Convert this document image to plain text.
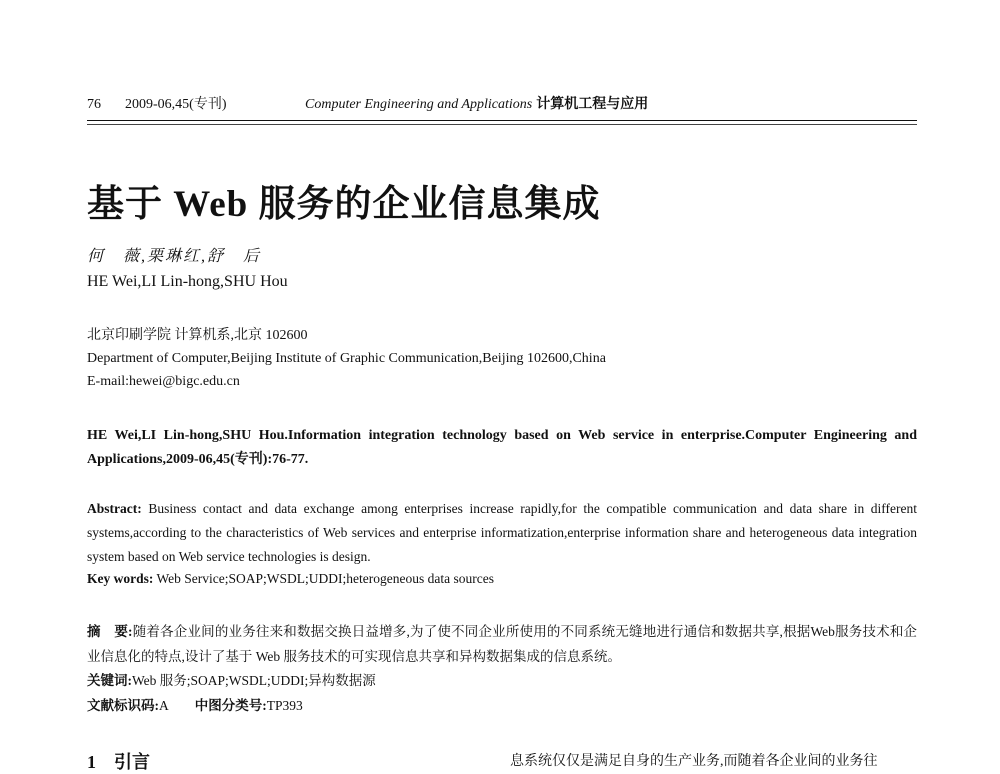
76 2009-06,45(专刊)	Computer Engineering and Applications 计算机工程与应用
基于 Web 服务的企业信息集成
何　薇,栗琳红,舒　后
HE Wei,LI Lin-hong,SHU Hou
北京印刷学院 计算机系,北京 102600
Department of Computer,Beijing Institute of Graphic Communication,Beijing 102600,China
E-mail:hewei@bigc.edu.cn
HE Wei,LI Lin-hong,SHU Hou.Information integration technology based on Web service in enterprise.Computer Engineering and Applications,2009-06,45(专刊):76-77.
Abstract: Business contact and data exchange among enterprises increase rapidly,for the compatible communication and data share in different systems,according to the characteristics of Web services and enterprise informatization,enterprise information share and heterogeneous data integration system based on Web service technologies is design.
Key words: Web Service;SOAP;WSDL;UDDI;heterogeneous data sources
摘　要:随着各企业间的业务往来和数据交换日益增多,为了使不同企业所使用的不同系统无缝地进行通信和数据共享,根据Web服务技术和企业信息化的特点,设计了基于 Web 服务技术的可实现信息共享和异构数据集成的信息系统。
关键词:Web 服务;SOAP;WSDL;UDDI;异构数据源
文献标识码:A 中图分类号:TP393
1　引言	息系统仅仅是满足自身的生产业务,而随着各企业间的业务往
